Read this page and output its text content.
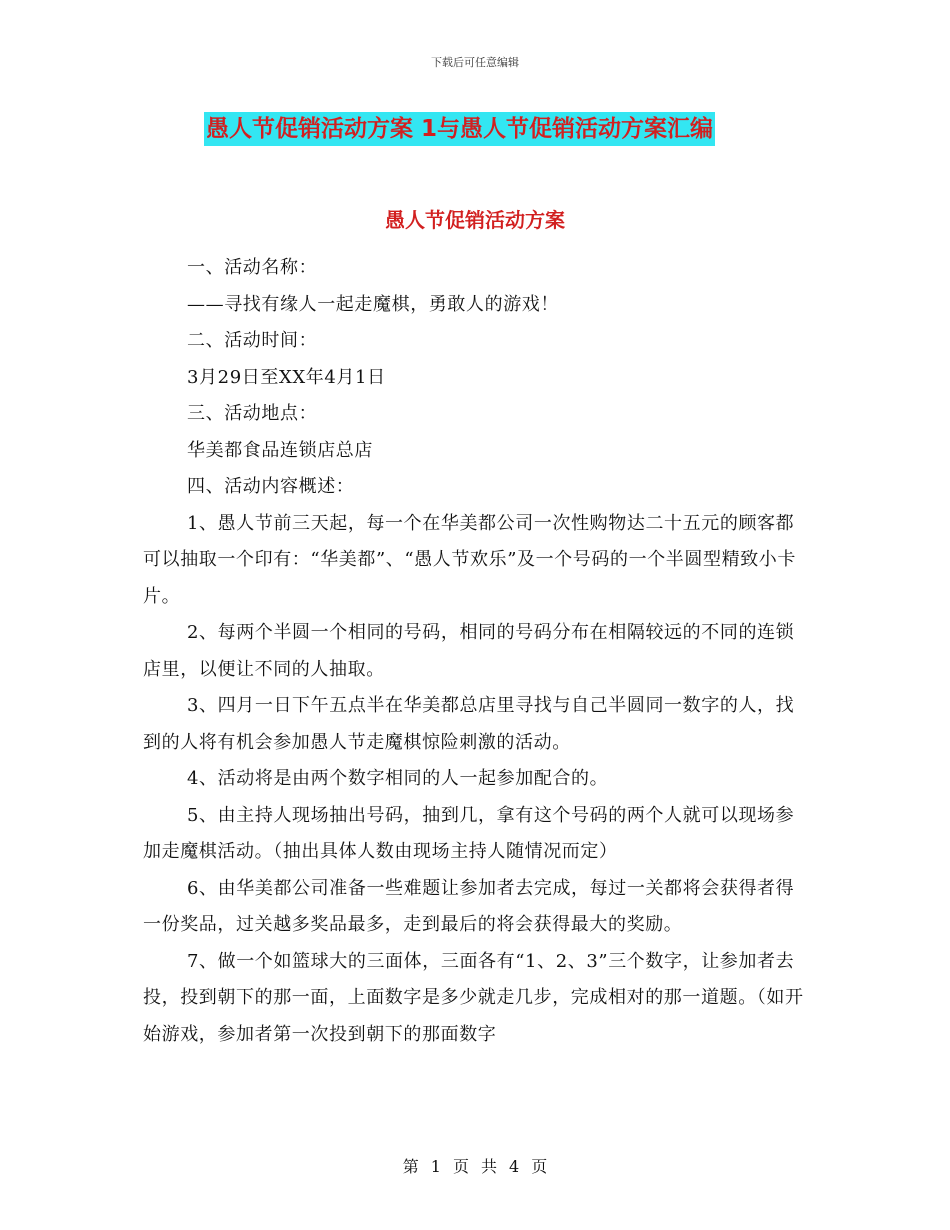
下载后可任意编辑
愚人节促销活动方案 1与愚人节促销活动方案汇编
愚人节促销活动方案

一、活动名称：

——寻找有缘人一起走魔棋，勇敢人的游戏！

二、活动时间：

3月29日至XX年4月1日

三、活动地点：

华美都食品连锁店总店

四、活动内容概述：

1、愚人节前三天起，每一个在华美都公司一次性购物达二十五元的顾客都可以抽取一个印有：“华美都”、“愚人节欢乐”及一个号码的一个半圆型精致小卡片。

2、每两个半圆一个相同的号码，相同的号码分布在相隔较远的不同的连锁店里，以便让不同的人抽取。

3、四月一日下午五点半在华美都总店里寻找与自己半圆同一数字的人，找到的人将有机会参加愚人节走魔棋惊险刺激的活动。

4、活动将是由两个数字相同的人一起参加配合的。

5、由主持人现场抽出号码，抽到几，拿有这个号码的两个人就可以现场参加走魔棋活动。（抽出具体人数由现场主持人随情况而定）

6、由华美都公司准备一些难题让参加者去完成，每过一关都将会获得者得一份奖品，过关越多奖品最多，走到最后的将会获得最大的奖励。

7、做一个如篮球大的三面体，三面各有“1、2、3”三个数字，让参加者去投，投到朝下的那一面，上面数字是多少就走几步，完成相对的那一道题。（如开始游戏，参加者第一次投到朝下的那面数字

第 1 页 共 4 页
